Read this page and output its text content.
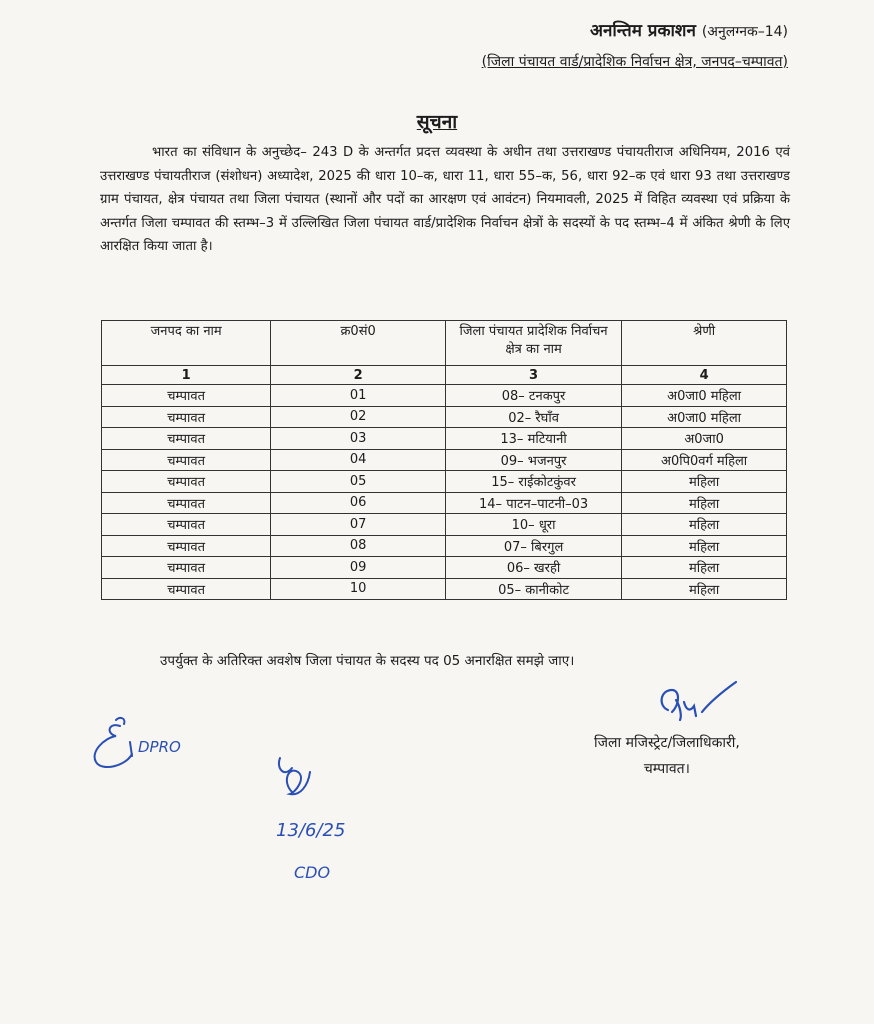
अनन्तिम प्रकाशन (अनुलग्नक–14)
(जिला पंचायत वार्ड/प्रादेशिक निर्वाचन क्षेत्र, जनपद–चम्पावत)
सूचना
भारत का संविधान के अनुच्छेद– 243 D के अन्तर्गत प्रदत्त व्यवस्था के अधीन तथा उत्तराखण्ड पंचायतीराज अधिनियम, 2016 एवं उत्तराखण्ड पंचायतीराज (संशोधन) अध्यादेश, 2025 की धारा 10–क, धारा 11, धारा 55–क, 56, धारा 92–क एवं धारा 93 तथा उत्तराखण्ड ग्राम पंचायत, क्षेत्र पंचायत तथा जिला पंचायत (स्थानों और पदों का आरक्षण एवं आवंटन) नियमावली, 2025 में विहित व्यवस्था एवं प्रक्रिया के अन्तर्गत जिला चम्पावत की स्तम्भ–3 में उल्लिखित जिला पंचायत वार्ड/प्रादेशिक निर्वाचन क्षेत्रों के सदस्यों के पद स्तम्भ–4 में अंकित श्रेणी के लिए आरक्षित किया जाता है।
जनपद का नाम	क्र0सं0	जिला पंचायत प्रादेशिक निर्वाचन क्षेत्र का नाम	श्रेणी
1	2	3	4
चम्पावत	01	08– टनकपुर	अ0जा0 महिला
चम्पावत	02	02– रैघाँव	अ0जा0 महिला
चम्पावत	03	13– मटियानी	अ0जा0
चम्पावत	04	09– भजनपुर	अ0पि0वर्ग महिला
चम्पावत	05	15– राईकोटकुंवर	महिला
चम्पावत	06	14– पाटन–पाटनी–03	महिला
चम्पावत	07	10– धूरा	महिला
चम्पावत	08	07– बिरगुल	महिला
चम्पावत	09	06– खरही	महिला
चम्पावत	10	05– कानीकोट	महिला
उपर्युक्त के अतिरिक्त अवशेष जिला पंचायत के सदस्य पद 05 अनारक्षित समझे जाए।
जिला मजिस्ट्रेट/जिलाधिकारी,
चम्पावत।
DPRO
13/6/25
CDO
